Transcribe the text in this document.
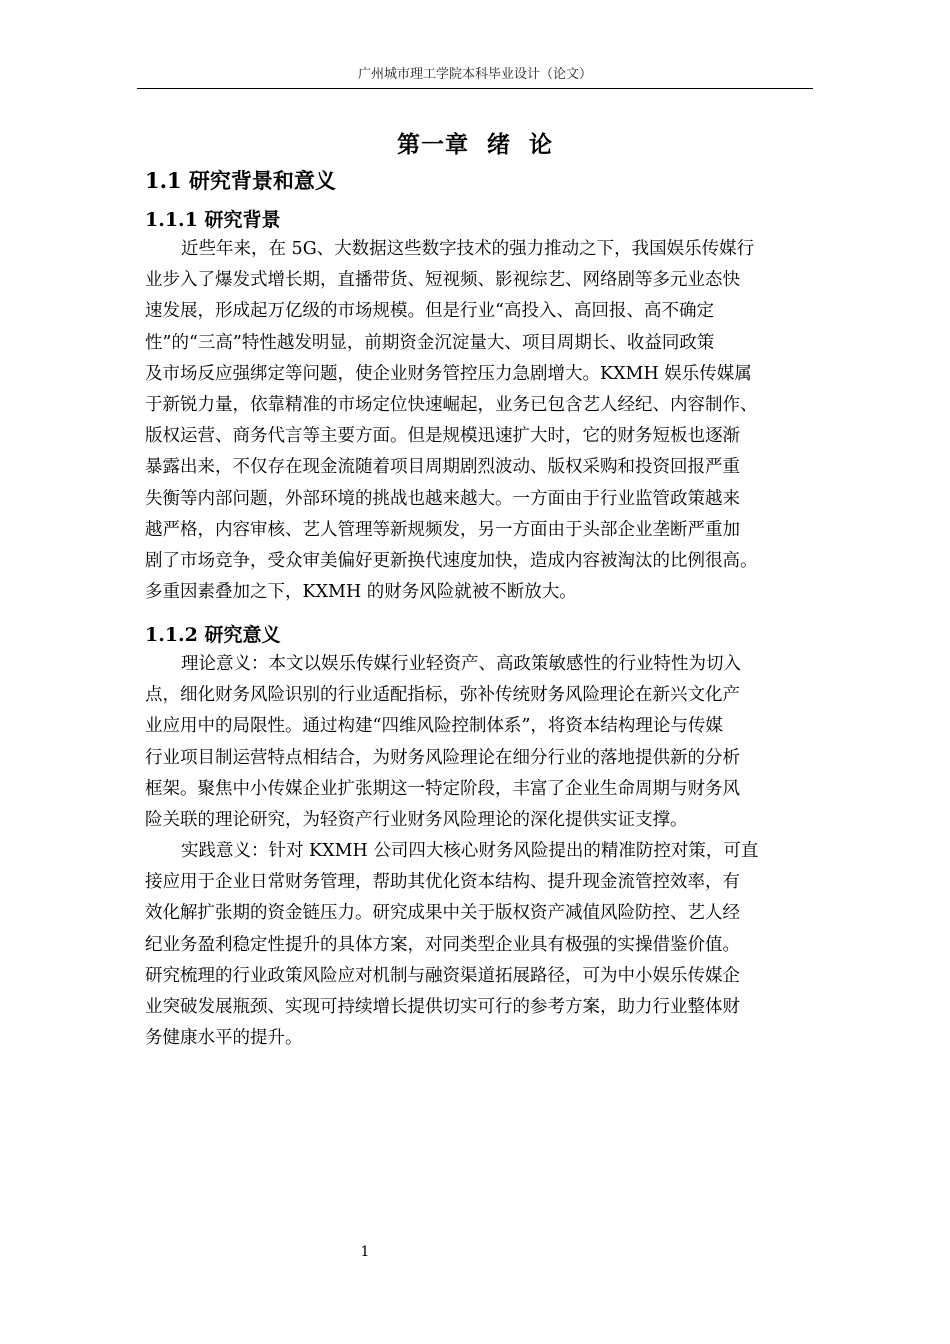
广州城市理工学院本科毕业设计（论文）
第一章  绪  论
1.1 研究背景和意义
1.1.1 研究背景
近些年来，在 5G、大数据这些数字技术的强力推动之下，我国娱乐传媒行
业步入了爆发式增长期，直播带货、短视频、影视综艺、网络剧等多元业态快
速发展，形成起万亿级的市场规模。但是行业“高投入、高回报、高不确定
性”的“三高”特性越发明显，前期资金沉淀量大、项目周期长、收益同政策
及市场反应强绑定等问题，使企业财务管控压力急剧增大。KXMH 娱乐传媒属
于新锐力量，依靠精准的市场定位快速崛起，业务已包含艺人经纪、内容制作、
版权运营、商务代言等主要方面。但是规模迅速扩大时，它的财务短板也逐渐
暴露出来，不仅存在现金流随着项目周期剧烈波动、版权采购和投资回报严重
失衡等内部问题，外部环境的挑战也越来越大。一方面由于行业监管政策越来
越严格，内容审核、艺人管理等新规频发，另一方面由于头部企业垄断严重加
剧了市场竞争，受众审美偏好更新换代速度加快，造成内容被淘汰的比例很高。
多重因素叠加之下，KXMH 的财务风险就被不断放大。
1.1.2 研究意义
理论意义：本文以娱乐传媒行业轻资产、高政策敏感性的行业特性为切入
点，细化财务风险识别的行业适配指标，弥补传统财务风险理论在新兴文化产
业应用中的局限性。通过构建“四维风险控制体系”，将资本结构理论与传媒
行业项目制运营特点相结合，为财务风险理论在细分行业的落地提供新的分析
框架。聚焦中小传媒企业扩张期这一特定阶段，丰富了企业生命周期与财务风
险关联的理论研究，为轻资产行业财务风险理论的深化提供实证支撑。
实践意义：针对 KXMH 公司四大核心财务风险提出的精准防控对策，可直
接应用于企业日常财务管理，帮助其优化资本结构、提升现金流管控效率，有
效化解扩张期的资金链压力。研究成果中关于版权资产减值风险防控、艺人经
纪业务盈利稳定性提升的具体方案，对同类型企业具有极强的实操借鉴价值。
研究梳理的行业政策风险应对机制与融资渠道拓展路径，可为中小娱乐传媒企
业突破发展瓶颈、实现可持续增长提供切实可行的参考方案，助力行业整体财
务健康水平的提升。
1
